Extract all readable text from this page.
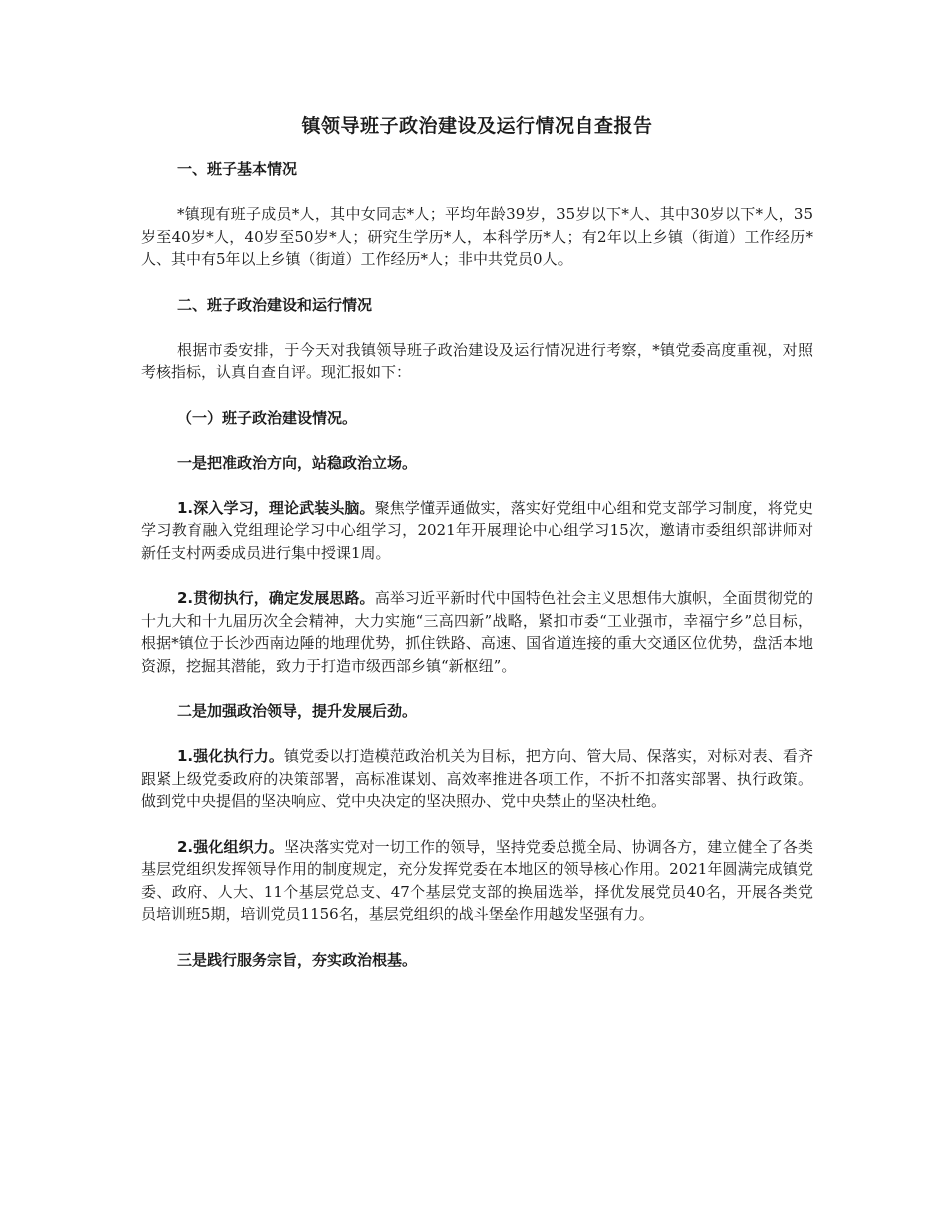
镇领导班子政治建设及运行情况自查报告
一、班子基本情况

*镇现有班子成员*人，其中女同志*人；平均年龄39岁，35岁以下*人、其中30岁以下*人，35岁至40岁*人，40岁至50岁*人；研究生学历*人，本科学历*人；有2年以上乡镇（街道）工作经历*人、其中有5年以上乡镇（街道）工作经历*人；非中共党员0人。

二、班子政治建设和运行情况

根据市委安排，于今天对我镇领导班子政治建设及运行情况进行考察，*镇党委高度重视，对照考核指标，认真自查自评。现汇报如下：

（一）班子政治建设情况。
一是把准政治方向，站稳政治立场。

1.深入学习，理论武装头脑。聚焦学懂弄通做实，落实好党组中心组和党支部学习制度，将党史学习教育融入党组理论学习中心组学习，2021年开展理论中心组学习15次，邀请市委组织部讲师对新任支村两委成员进行集中授课1周。

2.贯彻执行，确定发展思路。高举习近平新时代中国特色社会主义思想伟大旗帜，全面贯彻党的十九大和十九届历次全会精神，大力实施“三高四新”战略，紧扣市委“工业强市，幸福宁乡”总目标，根据*镇位于长沙西南边陲的地理优势，抓住铁路、高速、国省道连接的重大交通区位优势，盘活本地资源，挖掘其潜能，致力于打造市级西部乡镇“新枢纽”。

二是加强政治领导，提升发展后劲。

1.强化执行力。镇党委以打造模范政治机关为目标，把方向、管大局、保落实，对标对表、看齐跟紧上级党委政府的决策部署，高标准谋划、高效率推进各项工作，不折不扣落实部署、执行政策。做到党中央提倡的坚决响应、党中央决定的坚决照办、党中央禁止的坚决杜绝。

2.强化组织力。坚决落实党对一切工作的领导，坚持党委总揽全局、协调各方，建立健全了各类基层党组织发挥领导作用的制度规定，充分发挥党委在本地区的领导核心作用。2021年圆满完成镇党委、政府、人大、11个基层党总支、47个基层党支部的换届选举，择优发展党员40名，开展各类党员培训班5期，培训党员1156名，基层党组织的战斗堡垒作用越发坚强有力。

三是践行服务宗旨，夯实政治根基。
